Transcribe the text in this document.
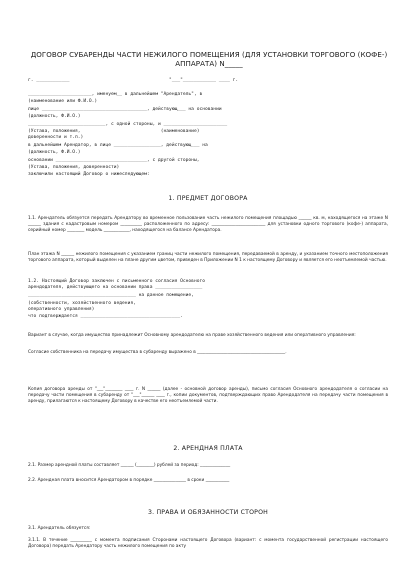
ДОГОВОР СУБАРЕНДЫ ЧАСТИ НЕЖИЛОГО ПОМЕЩЕНИЯ (ДЛЯ УСТАНОВКИ ТОРГОВОГО (КОФЕ-) АППАРАТА) N_____
г. ____________                                    "___"____________ ____ г.
_______________________, именуем__ в дальнейшем "Арендатель", в
(наименование или Ф.И.О.)
лице ______________________________________, действующ___ на основании
(должность, Ф.И.О.)
____________________________, с одной стороны, и _______________________
(Устава, положения,                             (наименование)
доверенности и т.п.)
в дальнейшем Арендатор, в лице _________________, действующ___ на
(должность, Ф.И.О.)
основании _________________________________, с другой стороны,
(Устава, положения, доверенности)
заключили настоящий Договор о нижеследующем:
1. ПРЕДМЕТ ДОГОВОРА
1.1. Арендатель обязуется передать Арендатору во временное пользование часть нежилого помещения площадью ______ кв. м, находящегося на этаже N ______ здания с кадастровым номером __________ расположенного по адресу: _________________________ для установки одного торгового (кофе-) аппарата, серийный номер ________ модель ____________, находящегося на балансе Арендатора.
План этажа N ______ нежилого помещения с указанием границ части нежилого помещения, передаваемой в аренду, и указанием точного местоположения торгового аппарата, который выделен на плане другим цветом, приведен в Приложении N 1 к настоящему Договору и является его неотъемлемой частью.
1.2. Настоящий Договор заключен с письменного согласия Основного
арендодателя, действующего на основании права _________________
_______________________________________ на данное помещение,
(собственности, хозяйственного ведения,
оперативного управления)
что подтверждается ____________________________________.
Вариант в случае, когда имущество принадлежит Основному арендодателю на праве хозяйственного ведения или оперативного управления:
Согласие собственника на передачу имущества в субаренду выражено в _________________________________________.
Копия договора аренды от "___"________ ____ г. N ______ (далее - основной договор аренды), письмо согласия Основного арендодателя о согласии на передачу части помещения в субаренду от "___"______ ____ г., копии документов, подтверждающих право Арендодателя на передачу части помещения в аренду, прилагаются к настоящему Договору в качестве его неотъемлемой части.
2. АРЕНДНАЯ ПЛАТА
2.1. Размер арендной платы составляет ______ (________) рублей за период: ______________
2.2. Арендная плата вносится Арендатором в порядке _______________ в сроки ___________
3. ПРАВА И ОБЯЗАННОСТИ СТОРОН
3.1. Арендатель обязуется:
3.1.1. В течение __________ с момента подписания Сторонами настоящего Договора (вариант: с момента государственной регистрации настоящего Договора) передать Арендатору часть нежилого помещения по акту
